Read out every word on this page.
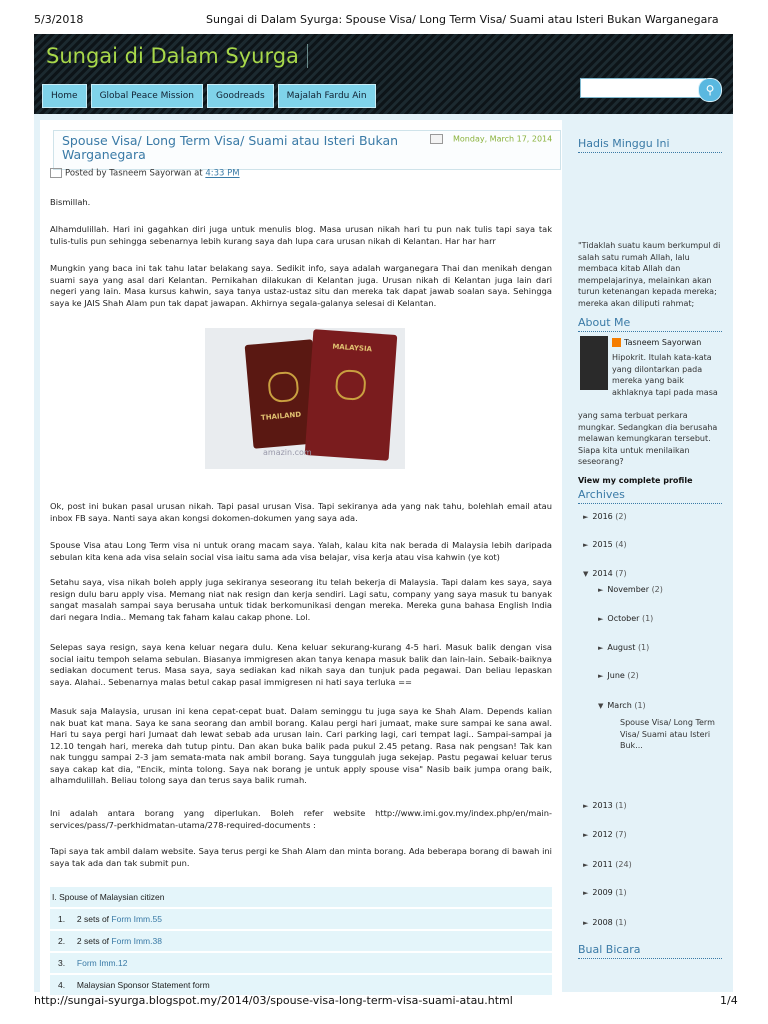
5/3/2018	Sungai di Dalam Syurga: Spouse Visa/ Long Term Visa/ Suami atau Isteri Bukan Warganegara
Sungai di Dalam Syurga
Home	Global Peace Mission	Goodreads	Majalah Fardu Ain	⚲
Spouse Visa/ Long Term Visa/ Suami atau Isteri Bukan Warganegara
Monday, March 17, 2014
Posted by Tasneem Sayorwan at 4:33 PM

Bismillah.

Alhamdulillah. Hari ini gagahkan diri juga untuk menulis blog. Masa urusan nikah hari tu pun nak tulis tapi saya tak tulis-tulis pun sehingga sebenarnya lebih kurang saya dah lupa cara urusan nikah di Kelantan. Har har harr

Mungkin yang baca ini tak tahu latar belakang saya. Sedikit info, saya adalah warganegara Thai dan menikah dengan suami saya yang asal dari Kelantan. Pernikahan dilakukan di Kelantan juga. Urusan nikah di Kelantan juga lain dari negeri yang lain. Masa kursus kahwin, saya tanya ustaz-ustaz situ dan mereka tak dapat jawab soalan saya. Sehingga saya ke JAIS Shah Alam pun tak dapat jawapan. Akhirnya segala-galanya selesai di Kelantan.

THAILAND
MALAYSIA
amazin.com

Ok, post ini bukan pasal urusan nikah. Tapi pasal urusan Visa. Tapi sekiranya ada yang nak tahu, bolehlah email atau inbox FB saya. Nanti saya akan kongsi dokomen-dokumen yang saya ada.

Spouse Visa atau Long Term visa ni untuk orang macam saya. Yalah, kalau kita nak berada di Malaysia lebih daripada sebulan kita kena ada visa selain social visa iaitu sama ada visa belajar, visa kerja atau visa kahwin (ye kot)

Setahu saya, visa nikah boleh apply juga sekiranya seseorang itu telah bekerja di Malaysia. Tapi dalam kes saya, saya resign dulu baru apply visa. Memang niat nak resign dan kerja sendiri. Lagi satu, company yang saya masuk tu banyak sangat masalah sampai saya berusaha untuk tidak berkomunikasi dengan mereka. Mereka guna bahasa English India dari negara India.. Memang tak faham kalau cakap phone. Lol.

Selepas saya resign, saya kena keluar negara dulu. Kena keluar sekurang-kurang 4-5 hari. Masuk balik dengan visa social iaitu tempoh selama sebulan. Biasanya immigresen akan tanya kenapa masuk balik dan lain-lain. Sebaik-baiknya sediakan document terus. Masa saya, saya sediakan kad nikah saya dan tunjuk pada pegawai. Dan beliau lepaskan saya. Alahai.. Sebenarnya malas betul cakap pasal immigresen ni hati saya terluka ==

Masuk saja Malaysia, urusan ini kena cepat-cepat buat. Dalam seminggu tu juga saya ke Shah Alam. Depends kalian nak buat kat mana. Saya ke sana seorang dan ambil borang. Kalau pergi hari jumaat, make sure sampai ke sana awal. Hari tu saya pergi hari Jumaat dah lewat sebab ada urusan lain. Cari parking lagi, cari tempat lagi.. Sampai-sampai ja 12.10 tengah hari, mereka dah tutup pintu. Dan akan buka balik pada pukul 2.45 petang. Rasa nak pengsan! Tak kan nak tunggu sampai 2-3 jam semata-mata nak ambil borang. Saya tunggulah juga sekejap. Pastu pegawai keluar terus saya cakap kat dia, "Encik, minta tolong. Saya nak borang je untuk apply spouse visa" Nasib baik jumpa orang baik, alhamdulillah. Beliau tolong saya dan terus saya balik rumah.

Ini adalah antara borang yang diperlukan. Boleh refer website http://www.imi.gov.my/index.php/en/main-services/pass/7-perkhidmatan-utama/278-required-documents :

Tapi saya tak ambil dalam website. Saya terus pergi ke Shah Alam dan minta borang. Ada beberapa borang di bawah ini saya tak ada dan tak submit pun.

I. Spouse of Malaysian citizen
1. 2 sets of Form Imm.55
2. 2 sets of Form Imm.38
3. Form Imm.12
4. Malaysian Sponsor Statement form
Hadis Minggu Ini
"Tidaklah suatu kaum berkumpul di salah satu rumah Allah, lalu membaca kitab Allah dan mempelajarinya, melainkan akan turun ketenangan kepada mereka; mereka akan diliputi rahmat;
About Me
Tasneem Sayorwan
Hipokrit. Itulah kata-kata yang dilontarkan pada mereka yang baik akhlaknya tapi pada masa
yang sama terbuat perkara mungkar. Sedangkan dia berusaha melawan kemungkaran tersebut. Siapa kita untuk menilaikan seseorang?
View my complete profile
Archives
► 2016 (2)
► 2015 (4)
▼ 2014 (7)
► November (2)
► October (1)
► August (1)
► June (2)
▼ March (1)
Spouse Visa/ Long Term Visa/ Suami atau Isteri Buk...
► 2013 (1)
► 2012 (7)
► 2011 (24)
► 2009 (1)
► 2008 (1)
Bual Bicara
http://sungai-syurga.blogspot.my/2014/03/spouse-visa-long-term-visa-suami-atau.html	1/4
